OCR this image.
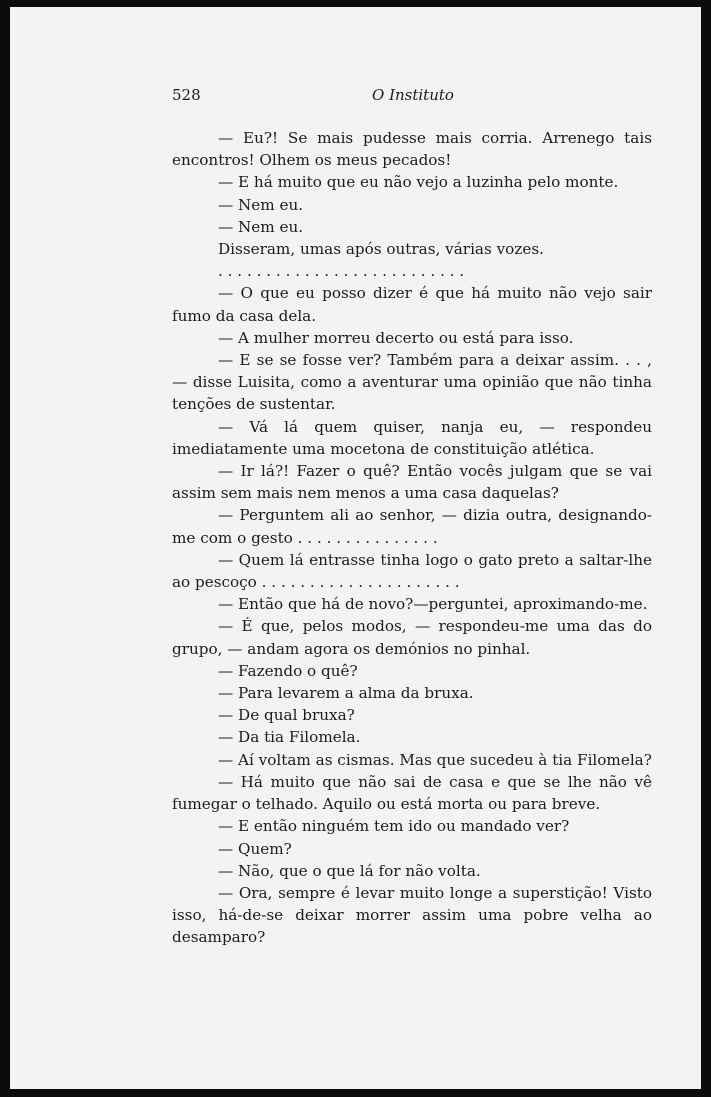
528	O Instituto

— Eu?! Se mais pudesse mais corria. Arrenego tais encontros! Olhem os meus pecados!

— E há muito que eu não vejo a luzinha pelo monte.

— Nem eu.

— Nem eu.

Disseram, umas após outras, várias vozes.

. . . . . . . . . . . . . . . . . . . . . . . . . .

— O que eu posso dizer é que há muito não vejo sair fumo da casa dela.

— A mulher morreu decerto ou está para isso.

— E se se fosse ver? Também para a deixar assim. . . , — disse Luisita, como a aventurar uma opinião que não tinha tenções de sustentar.

— Vá lá quem quiser, nanja eu, — respondeu imediatamente uma mocetona de constituição atlética.

— Ir lá?! Fazer o quê? Então vocês julgam que se vai assim sem mais nem menos a uma casa daquelas?

— Perguntem ali ao senhor, — dizia outra, designando-me com o gesto . . . . . . . . . . . . . . .

— Quem lá entrasse tinha logo o gato preto a saltar-lhe ao pescoço . . . . . . . . . . . . . . . . . . . . .

— Então que há de novo?—perguntei, aproximando-me.

— É que, pelos modos, — respondeu-me uma das do grupo, — andam agora os demónios no pinhal.

— Fazendo o quê?

— Para levarem a alma da bruxa.

— De qual bruxa?

— Da tia Filomela.

— Aí voltam as cismas. Mas que sucedeu à tia Filomela?

— Há muito que não sai de casa e que se lhe não vê fumegar o telhado. Aquilo ou está morta ou para breve.

— E então ninguém tem ido ou mandado ver?

— Quem?

— Não, que o que lá for não volta.

— Ora, sempre é levar muito longe a superstição! Visto isso, há-de-se deixar morrer assim uma pobre velha ao desamparo?
